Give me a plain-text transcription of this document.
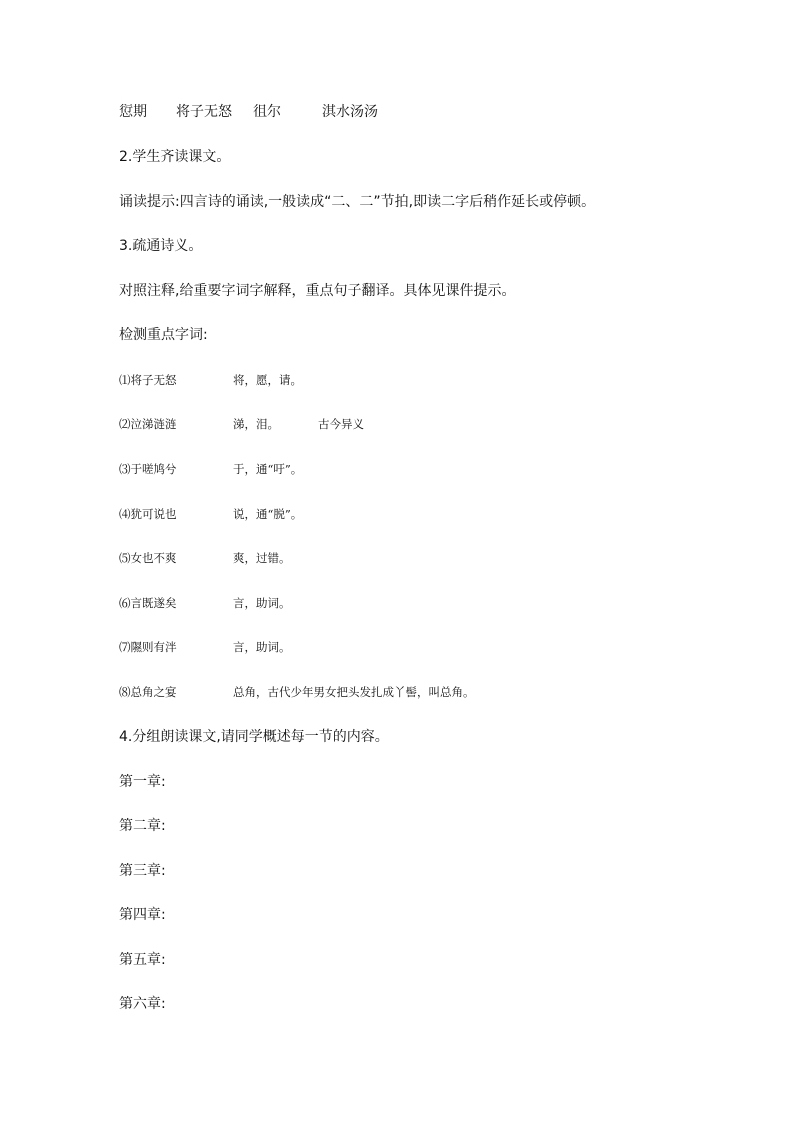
愆期 将子无怒 徂尔	淇水汤汤
2.学生齐读课文。
诵读提示:四言诗的诵读,一般读成“二、二”节拍,即读二字后稍作延长或停顿。
3.疏通诗义。
对照注释,给重要字词字解释，重点句子翻译。具体见课件提示。
检测重点字词:
⑴将子无怒	将，愿，请。
⑵泣涕涟涟	涕，泪。	古今异义
⑶于嗟鸠兮	于，通“吁”。
⑷犹可说也	说，通“脱”。
⑸女也不爽	爽，过错。
⑹言既遂矣	言，助词。
⑺隰则有泮	言，助词。
⑻总角之宴	总角，古代少年男女把头发扎成丫髻，叫总角。
4.分组朗读课文,请同学概述每一节的内容。
第一章:
第二章:
第三章:
第四章:
第五章:
第六章:
